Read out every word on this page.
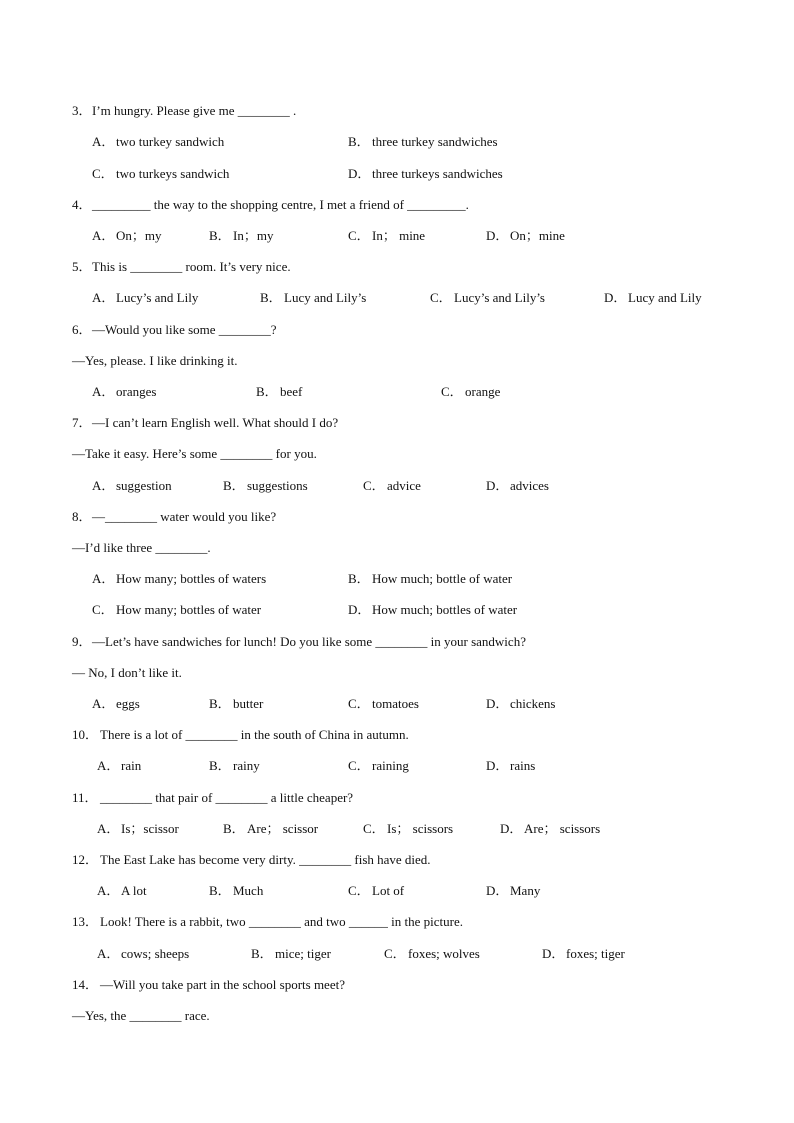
3． I’m hungry. Please give me ________ .
A． two turkey sandwich	B． three turkey sandwiches
C． two turkeys sandwich	D． three turkeys sandwiches
4． _________ the way to the shopping centre, I met a friend of _________.
A． On；my	B． In；my	C． In； mine	D． On；mine
5． This is ________ room. It’s very nice.
A． Lucy’s and Lily	B． Lucy and Lily’s	C． Lucy’s and Lily’s	D． Lucy and Lily
6． —Would you like some ________?
—Yes, please. I like drinking it.
A． oranges	B． beef	C． orange
7． —I can’t learn English well. What should I do?
—Take it easy. Here’s some ________ for you.
A． suggestion	B． suggestions	C． advice	D． advices
8． —________ water would you like?
—I’d like three ________.
A． How many; bottles of waters	B． How much; bottle of water
C． How many; bottles of water	D． How much; bottles of water
9． —Let’s have sandwiches for lunch! Do you like some ________ in your sandwich?
— No, I don’t like it.
A． eggs	B． butter	C． tomatoes	D． chickens
10． There is a lot of ________ in the south of China in autumn.
A． rain	B． rainy	C． raining	D． rains
11． ________ that pair of ________ a little cheaper?
A． Is；scissor	B． Are； scissor	C． Is； scissors	D． Are； scissors
12． The East Lake has become very dirty. ________ fish have died.
A． A lot	B． Much	C． Lot of	D． Many
13． Look! There is a rabbit, two ________ and two ______ in the picture.
A． cows; sheeps	B． mice; tiger	C． foxes; wolves	D． foxes; tiger
14． —Will you take part in the school sports meet?
—Yes, the ________ race.
